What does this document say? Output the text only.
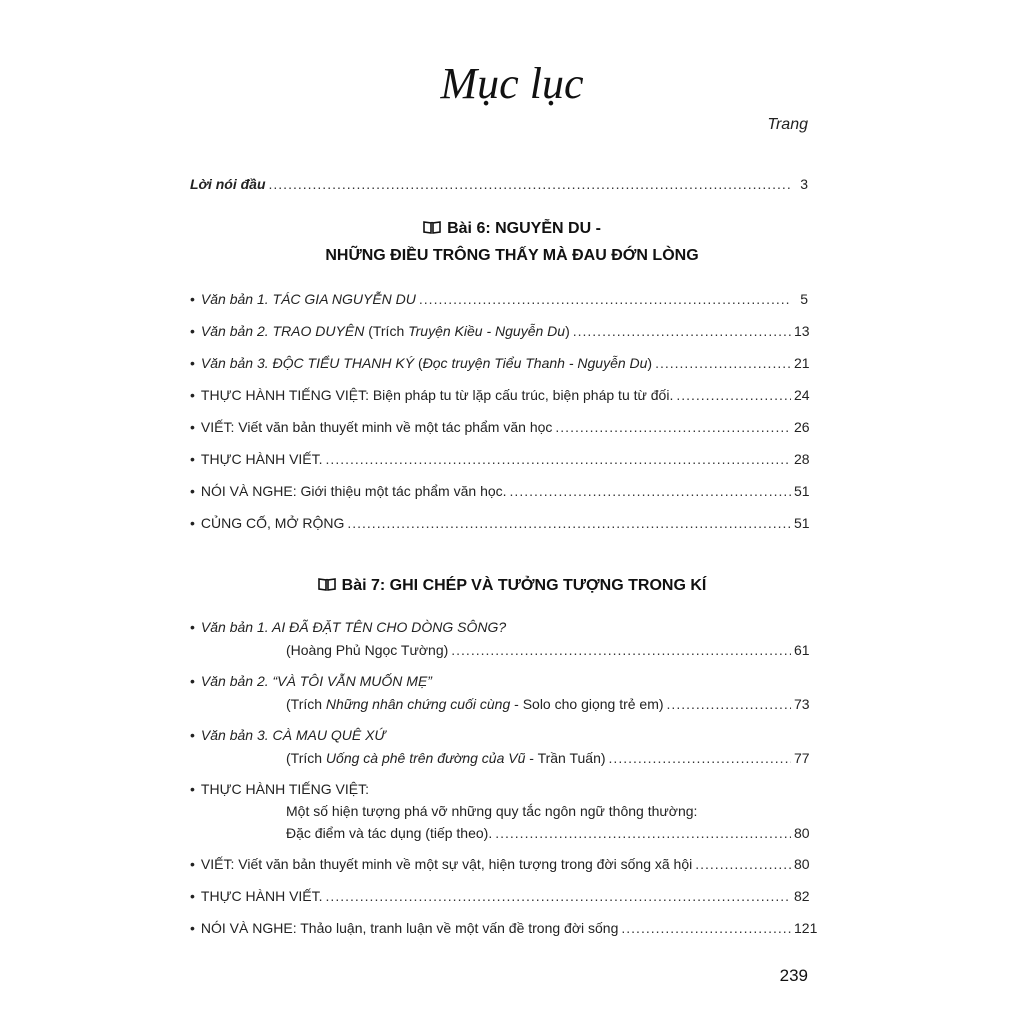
Mục lục
Trang
Lời nói đầu .....	3
Bài 6: NGUYỄN DU -
NHỮNG ĐIỀU TRÔNG THẤY MÀ ĐAU ĐỚN LÒNG
• Văn bản 1. TÁC GIA NGUYỄN DU .....	5
• Văn bản 2. TRAO DUYÊN (Trích Truyện Kiều - Nguyễn Du) .....	13
• Văn bản 3. ĐỘC TIỂU THANH KÝ (Đọc truyện Tiểu Thanh - Nguyễn Du) .....	21
• THỰC HÀNH TIẾNG VIỆT: Biện pháp tu từ lặp cấu trúc, biện pháp tu từ đối. .....	24
• VIẾT: Viết văn bản thuyết minh về một tác phẩm văn học .....	26
• THỰC HÀNH VIẾT. .....	28
• NÓI VÀ NGHE: Giới thiệu một tác phẩm văn học. .....	51
• CỦNG CỐ, MỞ RỘNG .....	51
Bài 7: GHI CHÉP VÀ TƯỞNG TƯỢNG TRONG KÍ
• Văn bản 1. AI ĐÃ ĐẶT TÊN CHO DÒNG SÔNG?
(Hoàng Phủ Ngọc Tường) .....	61
• Văn bản 2. “VÀ TÔI VẪN MUỐN MẸ”
(Trích Những nhân chứng cuối cùng - Solo cho giọng trẻ em) .....	73
• Văn bản 3. CÀ MAU QUÊ XỨ
(Trích Uống cà phê trên đường của Vũ - Trần Tuấn) .....	77
• THỰC HÀNH TIẾNG VIỆT:
Một số hiện tượng phá vỡ những quy tắc ngôn ngữ thông thường:
Đặc điểm và tác dụng (tiếp theo). .....	80
• VIẾT: Viết văn bản thuyết minh về một sự vật, hiện tượng trong đời sống xã hội .....	80
• THỰC HÀNH VIẾT. .....	82
• NÓI VÀ NGHE: Thảo luận, tranh luận về một vấn đề trong đời sống .....	121
239
